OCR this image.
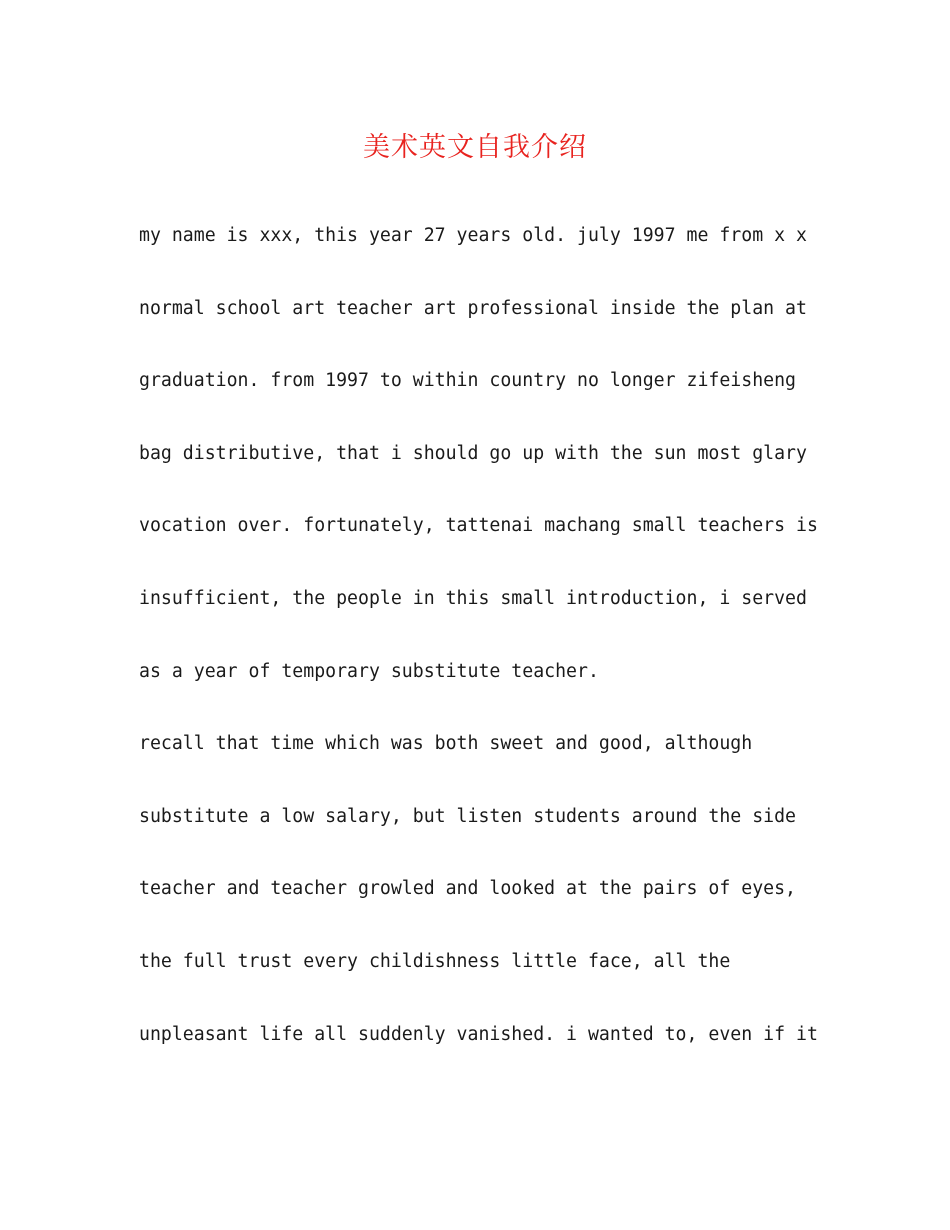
美术英文自我介绍
my name is xxx, this year 27 years old. july 1997 me from x x
normal school art teacher art professional inside the plan at
graduation. from 1997 to within country no longer zifeisheng
bag distributive, that i should go up with the sun most glary
vocation over. fortunately, tattenai machang small teachers is
insufficient, the people in this small introduction, i served
as a year of temporary substitute teacher.
recall that time which was both sweet and good, although
substitute a low salary, but listen students around the side
teacher and teacher growled and looked at the pairs of eyes,
the full trust every childishness little face, all the
unpleasant life all suddenly vanished. i wanted to, even if it
